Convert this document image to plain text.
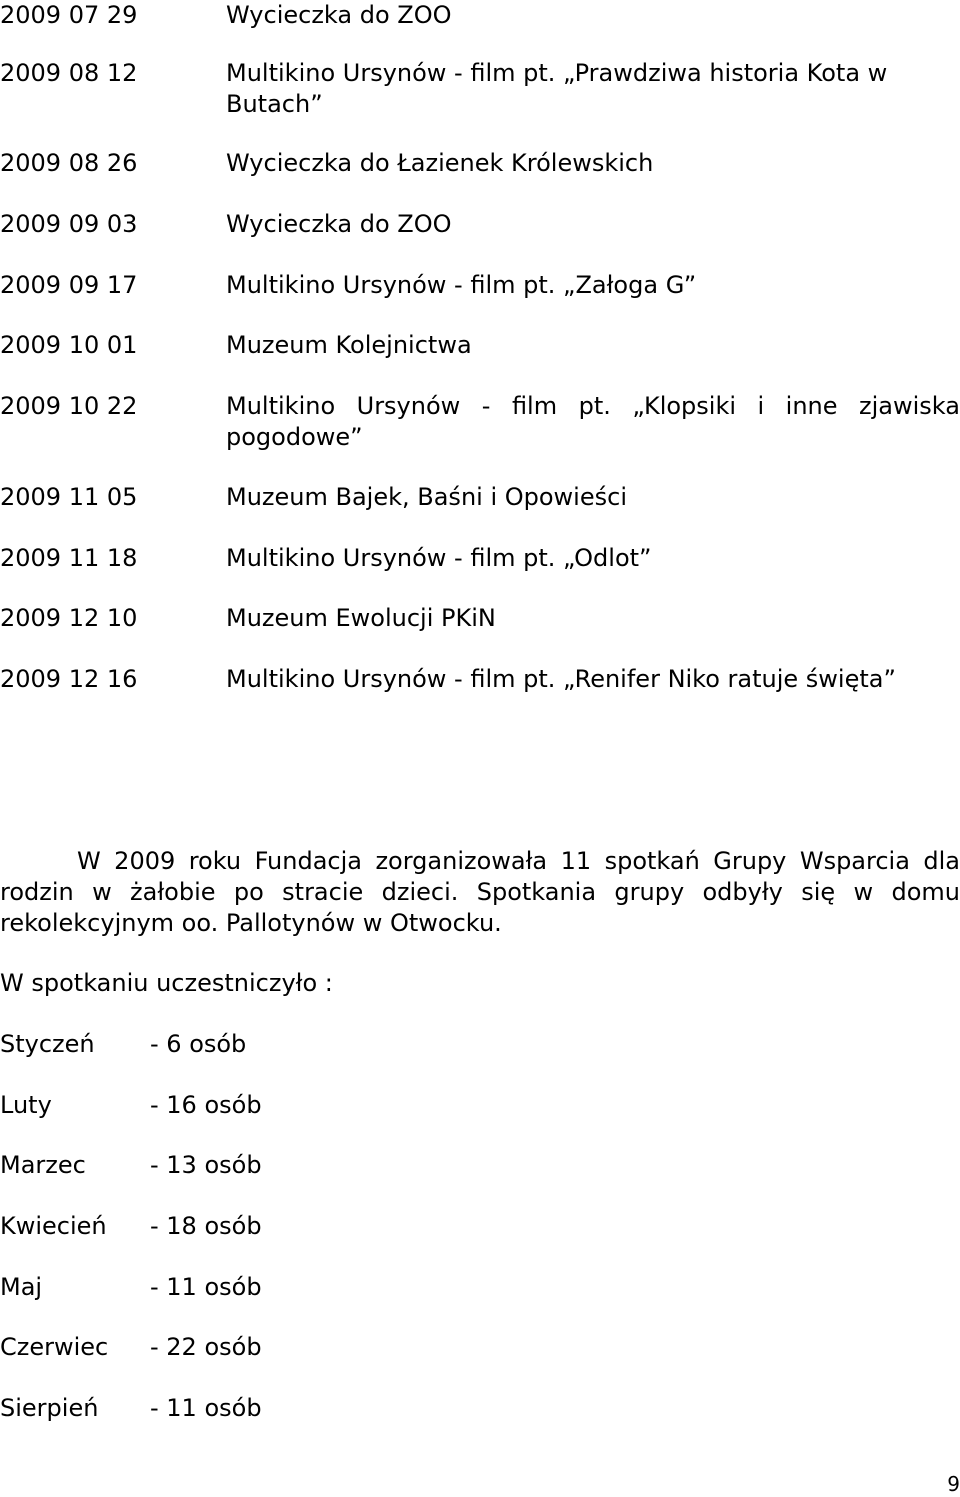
2009 07 29	Wycieczka do ZOO
2009 08 12	Multikino Ursynów - film pt. „Prawdziwa historia Kota w Butach”
2009 08 26	Wycieczka do Łazienek Królewskich
2009 09 03	Wycieczka do ZOO
2009 09 17	Multikino Ursynów - film pt. „Załoga G”
2009 10 01	Muzeum Kolejnictwa
2009 10 22	Multikino Ursynów - film pt. „Klopsiki i inne zjawiska pogodowe”
2009 11 05	Muzeum Bajek, Baśni i Opowieści
2009 11 18	Multikino Ursynów - film pt. „Odlot”
2009 12 10	Muzeum Ewolucji PKiN
2009 12 16	Multikino Ursynów - film pt. „Renifer Niko ratuje święta”
W 2009 roku Fundacja zorganizowała 11 spotkań Grupy Wsparcia dla rodzin w żałobie po stracie dzieci. Spotkania grupy odbyły się w domu rekolekcyjnym oo. Pallotynów w Otwocku.
W spotkaniu uczestniczyło :
Styczeń - 6 osób
Luty	- 16 osób
Marzec	- 13 osób
Kwiecień - 18 osób
Maj	- 11 osób
Czerwiec - 22 osób
Sierpień - 11 osób
9
